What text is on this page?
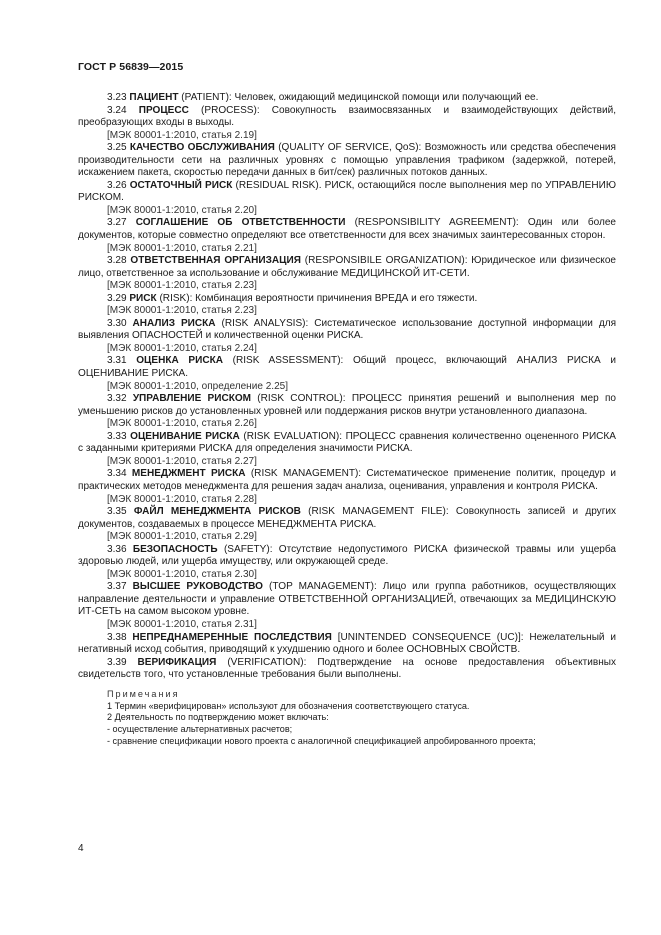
ГОСТ Р 56839—2015

3.23 ПАЦИЕНТ (PATIENT): Человек, ожидающий медицинской помощи или получающий ее.

3.24 ПРОЦЕСС (PROCESS): Совокупность взаимосвязанных и взаимодействующих действий, преобразующих входы в выходы.

[МЭК 80001-1:2010, статья 2.19]

3.25 КАЧЕСТВО ОБСЛУЖИВАНИЯ (QUALITY OF SERVICE, QoS): Возможность или средства обеспечения производительности сети на различных уровнях с помощью управления трафиком (задержкой, потерей, искажением пакета, скоростью передачи данных в бит/сек) различных потоков данных.

3.26 ОСТАТОЧНЫЙ РИСК (RESIDUAL RISK). РИСК, остающийся после выполнения мер по УПРАВЛЕНИЮ РИСКОМ.

[МЭК 80001-1:2010, статья 2.20]

3.27 СОГЛАШЕНИЕ ОБ ОТВЕТСТВЕННОСТИ (RESPONSIBILITY AGREEMENT): Один или более документов, которые совместно определяют все ответственности для всех значимых заинтересованных сторон.

[МЭК 80001-1:2010, статья 2.21]

3.28 ОТВЕТСТВЕННАЯ ОРГАНИЗАЦИЯ (RESPONSIBILE ORGANIZATION): Юридическое или физическое лицо, ответственное за использование и обслуживание МЕДИЦИНСКОЙ ИТ-СЕТИ.

[МЭК 80001-1:2010, статья 2.23]

3.29 РИСК (RISK): Комбинация вероятности причинения ВРЕДА и его тяжести.

[МЭК 80001-1:2010, статья 2.23]

3.30 АНАЛИЗ РИСКА (RISK ANALYSIS): Систематическое использование доступной информации для выявления ОПАСНОСТЕЙ и количественной оценки РИСКА.

[МЭК 80001-1:2010, статья 2.24]

3.31 ОЦЕНКА РИСКА (RISK ASSESSMENT): Общий процесс, включающий АНАЛИЗ РИСКА и ОЦЕНИВАНИЕ РИСКА.

[МЭК 80001-1:2010, определение 2.25]

3.32 УПРАВЛЕНИЕ РИСКОМ (RISK CONTROL): ПРОЦЕСС принятия решений и выполнения мер по уменьшению рисков до установленных уровней или поддержания рисков внутри установленного диапазона.

[МЭК 80001-1:2010, статья 2.26]

3.33 ОЦЕНИВАНИЕ РИСКА (RISK EVALUATION): ПРОЦЕСС сравнения количественно оцененного РИСКА с заданными критериями РИСКА для определения значимости РИСКА.

[МЭК 80001-1:2010, статья 2.27]

3.34 МЕНЕДЖМЕНТ РИСКА (RISK MANAGEMENT): Систематическое применение политик, процедур и практических методов менеджмента для решения задач анализа, оценивания, управления и контроля РИСКА.

[МЭК 80001-1:2010, статья 2.28]

3.35 ФАЙЛ МЕНЕДЖМЕНТА РИСКОВ (RISK MANAGEMENT FILE): Совокупность записей и других документов, создаваемых в процессе МЕНЕДЖМЕНТА РИСКА.

[МЭК 80001-1:2010, статья 2.29]

3.36 БЕЗОПАСНОСТЬ (SAFETY): Отсутствие недопустимого РИСКА физической травмы или ущерба здоровью людей, или ущерба имуществу, или окружающей среде.

[МЭК 80001-1:2010, статья 2.30]

3.37 ВЫСШЕЕ РУКОВОДСТВО (TOP MANAGEMENT): Лицо или группа работников, осуществляющих направление деятельности и управление ОТВЕТСТВЕННОЙ ОРГАНИЗАЦИЕЙ, отвечающих за МЕДИЦИНСКУЮ ИТ-СЕТЬ на самом высоком уровне.

[МЭК 80001-1:2010, статья 2.31]

3.38 НЕПРЕДНАМЕРЕННЫЕ ПОСЛЕДСТВИЯ [UNINTENDED CONSEQUENCE (UC)]: Нежелательный и негативный исход события, приводящий к ухудшению одного и более ОСНОВНЫХ СВОЙСТВ.

3.39 ВЕРИФИКАЦИЯ (VERIFICATION): Подтверждение на основе предоставления объективных свидетельств того, что установленные требования были выполнены.

Примечания

1 Термин «верифицирован» используют для обозначения соответствующего статуса.

2 Деятельность по подтверждению может включать:

- осуществление альтернативных расчетов;

- сравнение спецификации нового проекта с аналогичной спецификацией апробированного проекта;

4
